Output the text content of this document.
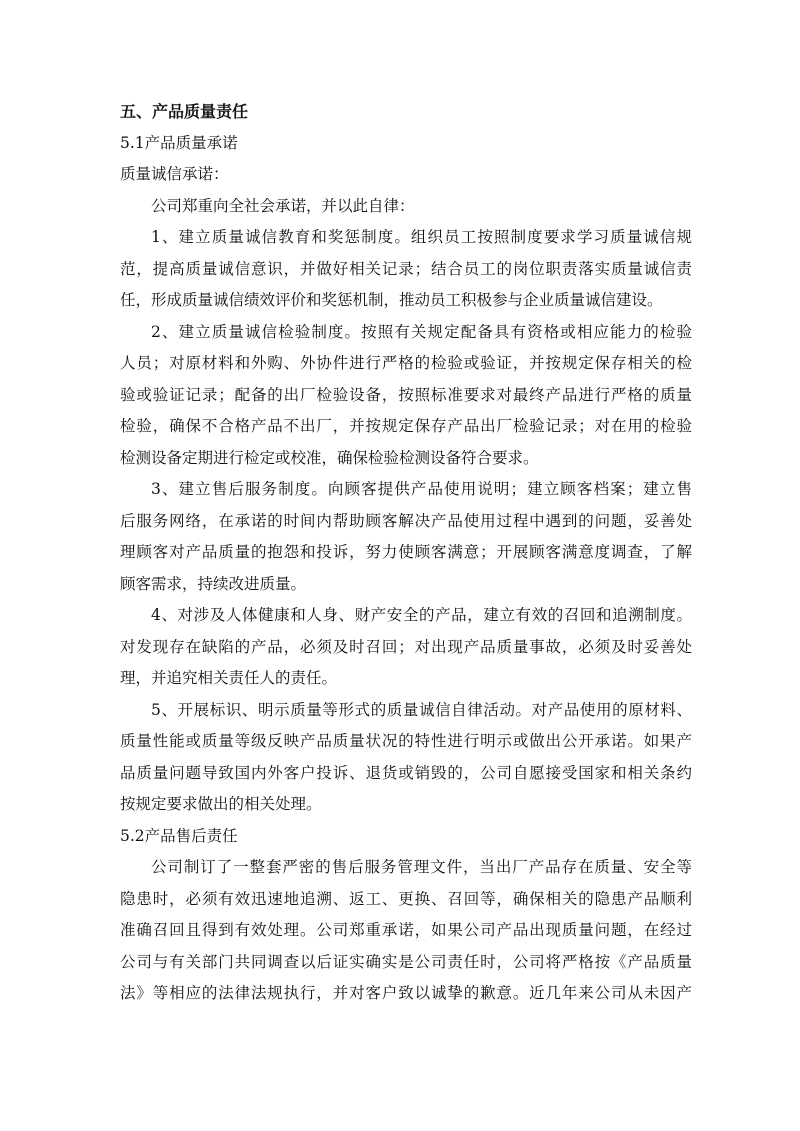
五、产品质量责任

5.1产品质量承诺

质量诚信承诺：

公司郑重向全社会承诺，并以此自律：

1、建立质量诚信教育和奖惩制度。组织员工按照制度要求学习质量诚信规

范，提高质量诚信意识，并做好相关记录；结合员工的岗位职责落实质量诚信责

任，形成质量诚信绩效评价和奖惩机制，推动员工积极参与企业质量诚信建设。

2、建立质量诚信检验制度。按照有关规定配备具有资格或相应能力的检验

人员；对原材料和外购、外协件进行严格的检验或验证，并按规定保存相关的检

验或验证记录；配备的出厂检验设备，按照标准要求对最终产品进行严格的质量

检验，确保不合格产品不出厂，并按规定保存产品出厂检验记录；对在用的检验

检测设备定期进行检定或校准，确保检验检测设备符合要求。

3、建立售后服务制度。向顾客提供产品使用说明；建立顾客档案；建立售

后服务网络，在承诺的时间内帮助顾客解决产品使用过程中遇到的问题，妥善处

理顾客对产品质量的抱怨和投诉，努力使顾客满意；开展顾客满意度调查，了解

顾客需求，持续改进质量。

4、对涉及人体健康和人身、财产安全的产品，建立有效的召回和追溯制度。

对发现存在缺陷的产品，必须及时召回；对出现产品质量事故，必须及时妥善处

理，并追究相关责任人的责任。

5、开展标识、明示质量等形式的质量诚信自律活动。对产品使用的原材料、

质量性能或质量等级反映产品质量状况的特性进行明示或做出公开承诺。如果产

品质量问题导致国内外客户投诉、退货或销毁的，公司自愿接受国家和相关条约

按规定要求做出的相关处理。

5.2产品售后责任

公司制订了一整套严密的售后服务管理文件，当出厂产品存在质量、安全等

隐患时，必须有效迅速地追溯、返工、更换、召回等，确保相关的隐患产品顺利

准确召回且得到有效处理。公司郑重承诺，如果公司产品出现质量问题，在经过

公司与有关部门共同调查以后证实确实是公司责任时，公司将严格按《产品质量

法》等相应的法律法规执行，并对客户致以诚挚的歉意。近几年来公司从未因产
